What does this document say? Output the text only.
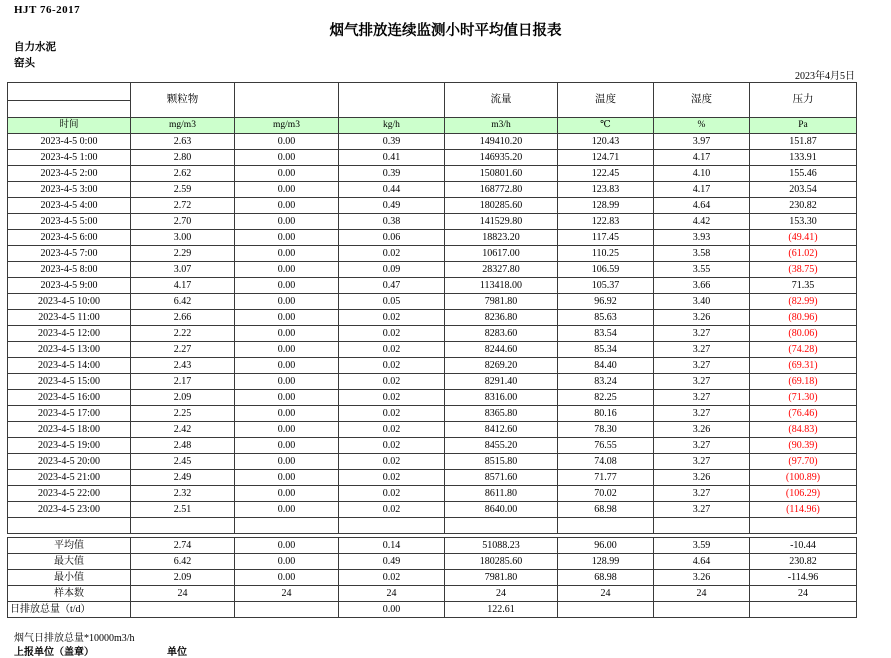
HJT 76-2017
烟气排放连续监测小时平均值日报表
自力水泥
窑头
2023年4月5日
	颗粒物			流量	温度	湿度	压力
时间	mg/m3	mg/m3	kg/h	m3/h	℃	%	Pa
2023-4-5 0:00	2.63	0.00	0.39	149410.20	120.43	3.97	151.87
2023-4-5 1:00	2.80	0.00	0.41	146935.20	124.71	4.17	133.91
2023-4-5 2:00	2.62	0.00	0.39	150801.60	122.45	4.10	155.46
2023-4-5 3:00	2.59	0.00	0.44	168772.80	123.83	4.17	203.54
2023-4-5 4:00	2.72	0.00	0.49	180285.60	128.99	4.64	230.82
2023-4-5 5:00	2.70	0.00	0.38	141529.80	122.83	4.42	153.30
2023-4-5 6:00	3.00	0.00	0.06	18823.20	117.45	3.93	(49.41)
2023-4-5 7:00	2.29	0.00	0.02	10617.00	110.25	3.58	(61.02)
2023-4-5 8:00	3.07	0.00	0.09	28327.80	106.59	3.55	(38.75)
2023-4-5 9:00	4.17	0.00	0.47	113418.00	105.37	3.66	71.35
2023-4-5 10:00	6.42	0.00	0.05	7981.80	96.92	3.40	(82.99)
2023-4-5 11:00	2.66	0.00	0.02	8236.80	85.63	3.26	(80.96)
2023-4-5 12:00	2.22	0.00	0.02	8283.60	83.54	3.27	(80.06)
2023-4-5 13:00	2.27	0.00	0.02	8244.60	85.34	3.27	(74.28)
2023-4-5 14:00	2.43	0.00	0.02	8269.20	84.40	3.27	(69.31)
2023-4-5 15:00	2.17	0.00	0.02	8291.40	83.24	3.27	(69.18)
2023-4-5 16:00	2.09	0.00	0.02	8316.00	82.25	3.27	(71.30)
2023-4-5 17:00	2.25	0.00	0.02	8365.80	80.16	3.27	(76.46)
2023-4-5 18:00	2.42	0.00	0.02	8412.60	78.30	3.26	(84.83)
2023-4-5 19:00	2.48	0.00	0.02	8455.20	76.55	3.27	(90.39)
2023-4-5 20:00	2.45	0.00	0.02	8515.80	74.08	3.27	(97.70)
2023-4-5 21:00	2.49	0.00	0.02	8571.60	71.77	3.26	(100.89)
2023-4-5 22:00	2.32	0.00	0.02	8611.80	70.02	3.27	(106.29)
2023-4-5 23:00	2.51	0.00	0.02	8640.00	68.98	3.27	(114.96)

平均值	2.74	0.00	0.14	51088.23	96.00	3.59	-10.44
最大值	6.42	0.00	0.49	180285.60	128.99	4.64	230.82
最小值	2.09	0.00	0.02	7981.80	68.98	3.26	-114.96
样本数	24	24	24	24	24	24	24
日排放总量（t/d）			0.00	122.61			
烟气日排放总量*10000m3/h
上报单位（盖章）	单位
